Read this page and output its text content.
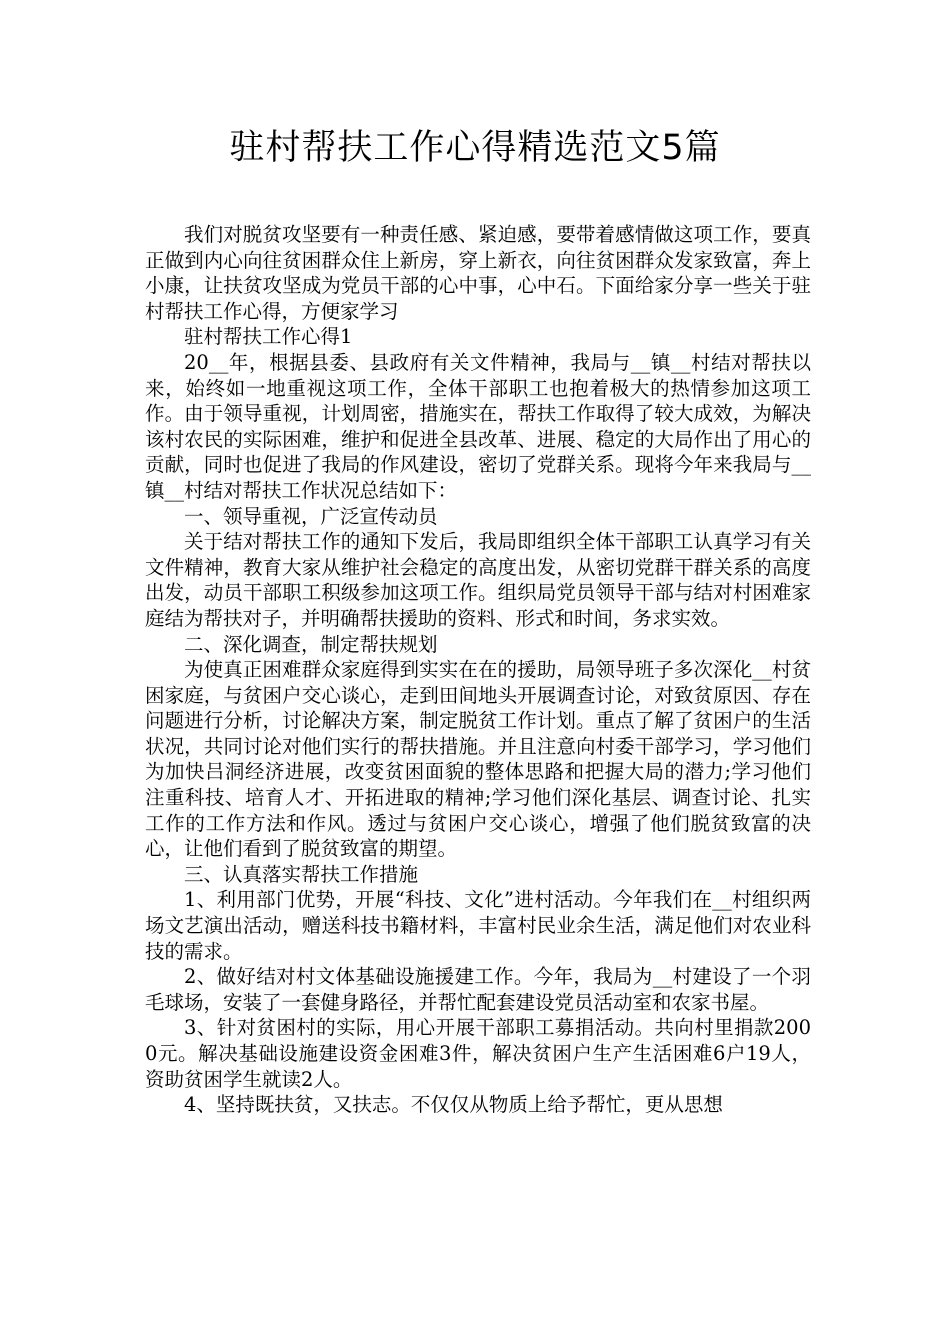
驻村帮扶工作心得精选范文5篇

我们对脱贫攻坚要有一种责任感、紧迫感，要带着感情做这项工作，要真正做到内心向往贫困群众住上新房，穿上新衣，向往贫困群众发家致富，奔上小康，让扶贫攻坚成为党员干部的心中事，心中石。下面给家分享一些关于驻村帮扶工作心得，方便家学习

驻村帮扶工作心得1

20__年，根据县委、县政府有关文件精神，我局与__镇__村结对帮扶以来，始终如一地重视这项工作，全体干部职工也抱着极大的热情参加这项工作。由于领导重视，计划周密，措施实在，帮扶工作取得了较大成效，为解决该村农民的实际困难，维护和促进全县改革、进展、稳定的大局作出了用心的贡献，同时也促进了我局的作风建设，密切了党群关系。现将今年来我局与__镇__村结对帮扶工作状况总结如下：

一、领导重视，广泛宣传动员

关于结对帮扶工作的通知下发后，我局即组织全体干部职工认真学习有关文件精神，教育大家从维护社会稳定的高度出发，从密切党群干群关系的高度出发，动员干部职工积级参加这项工作。组织局党员领导干部与结对村困难家庭结为帮扶对子，并明确帮扶援助的资料、形式和时间，务求实效。

二、深化调查，制定帮扶规划

为使真正困难群众家庭得到实实在在的援助，局领导班子多次深化__村贫困家庭，与贫困户交心谈心，走到田间地头开展调查讨论，对致贫原因、存在问题进行分析，讨论解决方案，制定脱贫工作计划。重点了解了贫困户的生活状况，共同讨论对他们实行的帮扶措施。并且注意向村委干部学习，学习他们为加快吕洞经济进展，改变贫困面貌的整体思路和把握大局的潜力;学习他们注重科技、培育人才、开拓进取的精神;学习他们深化基层、调查讨论、扎实工作的工作方法和作风。透过与贫困户交心谈心，增强了他们脱贫致富的决心，让他们看到了脱贫致富的期望。

三、认真落实帮扶工作措施

1、利用部门优势，开展“科技、文化”进村活动。今年我们在__村组织两场文艺演出活动，赠送科技书籍材料，丰富村民业余生活，满足他们对农业科技的需求。

2、做好结对村文体基础设施援建工作。今年，我局为__村建设了一个羽毛球场，安装了一套健身路径，并帮忙配套建设党员活动室和农家书屋。

3、针对贫困村的实际，用心开展干部职工募捐活动。共向村里捐款2000元。解决基础设施建设资金困难3件，解决贫困户生产生活困难6户19人，资助贫困学生就读2人。

4、坚持既扶贫，又扶志。不仅仅从物质上给予帮忙，更从思想
